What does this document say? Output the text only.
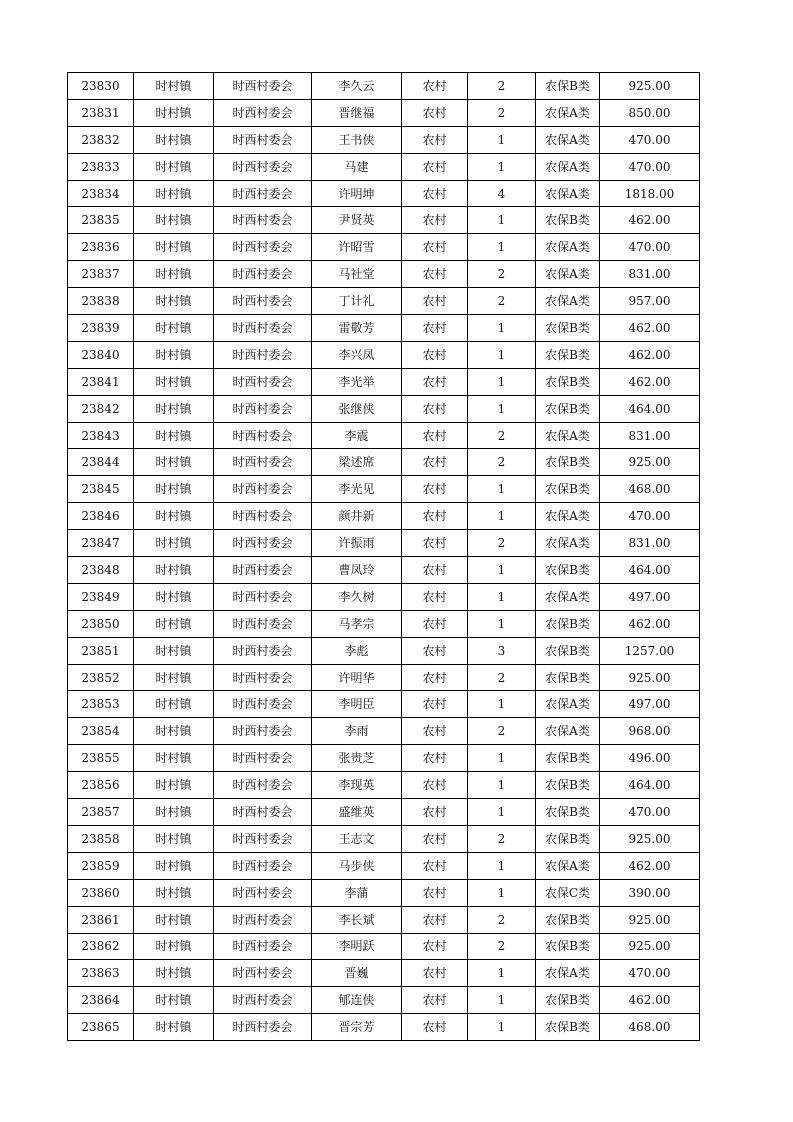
23830	时村镇	时西村委会	李久云	农村	2	农保B类	925.00
23831	时村镇	时西村委会	晋继福	农村	2	农保A类	850.00
23832	时村镇	时西村委会	王书侠	农村	1	农保A类	470.00
23833	时村镇	时西村委会	马建	农村	1	农保A类	470.00
23834	时村镇	时西村委会	许明坤	农村	4	农保A类	1818.00
23835	时村镇	时西村委会	尹贤英	农村	1	农保B类	462.00
23836	时村镇	时西村委会	许昭雪	农村	1	农保A类	470.00
23837	时村镇	时西村委会	马社堂	农村	2	农保A类	831.00
23838	时村镇	时西村委会	丁计礼	农村	2	农保A类	957.00
23839	时村镇	时西村委会	雷敬芳	农村	1	农保B类	462.00
23840	时村镇	时西村委会	李兴凤	农村	1	农保B类	462.00
23841	时村镇	时西村委会	李光举	农村	1	农保B类	462.00
23842	时村镇	时西村委会	张继侠	农村	1	农保B类	464.00
23843	时村镇	时西村委会	李震	农村	2	农保A类	831.00
23844	时村镇	时西村委会	梁述席	农村	2	农保B类	925.00
23845	时村镇	时西村委会	李光见	农村	1	农保B类	468.00
23846	时村镇	时西村委会	颜井新	农村	1	农保A类	470.00
23847	时村镇	时西村委会	许振雨	农村	2	农保A类	831.00
23848	时村镇	时西村委会	曹凤玲	农村	1	农保B类	464.00
23849	时村镇	时西村委会	李久树	农村	1	农保A类	497.00
23850	时村镇	时西村委会	马孝宗	农村	1	农保B类	462.00
23851	时村镇	时西村委会	李彪	农村	3	农保B类	1257.00
23852	时村镇	时西村委会	许明华	农村	2	农保B类	925.00
23853	时村镇	时西村委会	李明臣	农村	1	农保A类	497.00
23854	时村镇	时西村委会	李雨	农村	2	农保A类	968.00
23855	时村镇	时西村委会	张贵芝	农村	1	农保B类	496.00
23856	时村镇	时西村委会	李现英	农村	1	农保B类	464.00
23857	时村镇	时西村委会	盛维英	农村	1	农保B类	470.00
23858	时村镇	时西村委会	王志文	农村	2	农保B类	925.00
23859	时村镇	时西村委会	马步侠	农村	1	农保A类	462.00
23860	时村镇	时西村委会	李蒲	农村	1	农保C类	390.00
23861	时村镇	时西村委会	李长斌	农村	2	农保B类	925.00
23862	时村镇	时西村委会	李明跃	农村	2	农保B类	925.00
23863	时村镇	时西村委会	晋巍	农村	1	农保A类	470.00
23864	时村镇	时西村委会	郇连侠	农村	1	农保B类	462.00
23865	时村镇	时西村委会	晋宗芳	农村	1	农保B类	468.00
